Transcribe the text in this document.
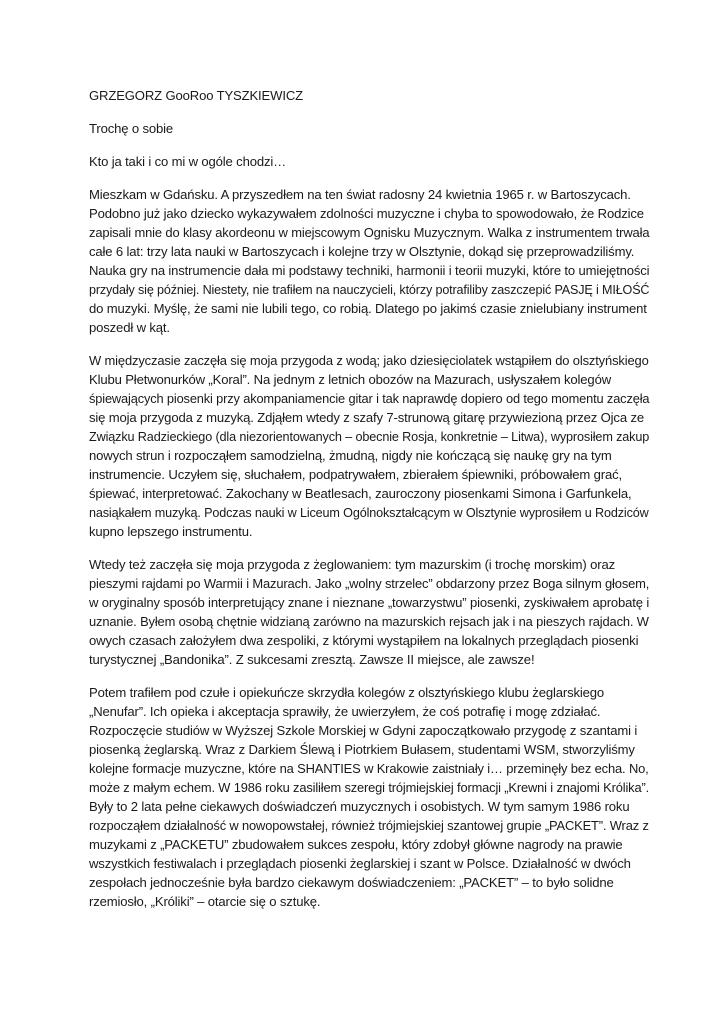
GRZEGORZ GooRoo TYSZKIEWICZ
Trochę o sobie
Kto ja taki i co mi w ogóle chodzi…
Mieszkam w Gdańsku. A przyszedłem na ten świat radosny 24 kwietnia 1965 r. w Bartoszycach.
Podobno już jako dziecko wykazywałem zdolności muzyczne i chyba to spowodowało, że Rodzice
zapisali mnie do klasy akordeonu w miejscowym Ognisku Muzycznym. Walka z instrumentem trwała
całe 6 lat: trzy lata nauki w Bartoszycach i kolejne trzy w Olsztynie, dokąd się przeprowadziliśmy.
Nauka gry na instrumencie dała mi podstawy techniki, harmonii i teorii muzyki, które to umiejętności
przydały się później. Niestety, nie trafiłem na nauczycieli, którzy potrafiliby zaszczepić PASJĘ i MIŁOŚĆ
do muzyki. Myślę, że sami nie lubili tego, co robią. Dlatego po jakimś czasie znielubiany instrument
poszedł w kąt.
W międzyczasie zaczęła się moja przygoda z wodą; jako dziesięciolatek wstąpiłem do olsztyńskiego
Klubu Płetwonurków „Koral”. Na jednym z letnich obozów na Mazurach, usłyszałem kolegów
śpiewających piosenki przy akompaniamencie gitar i tak naprawdę dopiero od tego momentu zaczęła
się moja przygoda z muzyką. Zdjąłem wtedy z szafy 7-strunową gitarę przywiezioną przez Ojca ze
Związku Radzieckiego (dla niezorientowanych – obecnie Rosja, konkretnie – Litwa), wyprosiłem zakup
nowych strun i rozpocząłem samodzielną, żmudną, nigdy nie kończącą się naukę gry na tym
instrumencie. Uczyłem się, słuchałem, podpatrywałem, zbierałem śpiewniki, próbowałem grać,
śpiewać, interpretować. Zakochany w Beatlesach, zauroczony piosenkami Simona i Garfunkela,
nasiąkałem muzyką. Podczas nauki w Liceum Ogólnokształcącym w Olsztynie wyprosiłem u Rodziców
kupno lepszego instrumentu.
Wtedy też zaczęła się moja przygoda z żeglowaniem: tym mazurskim (i trochę morskim) oraz
pieszymi rajdami po Warmii i Mazurach. Jako „wolny strzelec” obdarzony przez Boga silnym głosem,
w oryginalny sposób interpretujący znane i nieznane „towarzystwu” piosenki, zyskiwałem aprobatę i
uznanie. Byłem osobą chętnie widzianą zarówno na mazurskich rejsach jak i na pieszych rajdach. W
owych czasach założyłem dwa zespoliki, z którymi wystąpiłem na lokalnych przeglądach piosenki
turystycznej „Bandonika”. Z sukcesami zresztą. Zawsze II miejsce, ale zawsze!
Potem trafiłem pod czułe i opiekuńcze skrzydła kolegów z olsztyńskiego klubu żeglarskiego
„Nenufar”. Ich opieka i akceptacja sprawiły, że uwierzyłem, że coś potrafię i mogę zdziałać.
Rozpoczęcie studiów w Wyższej Szkole Morskiej w Gdyni zapoczątkowało przygodę z szantami i
piosenką żeglarską. Wraz z Darkiem Ślewą i Piotrkiem Bułasem, studentami WSM, stworzyliśmy
kolejne formacje muzyczne, które na SHANTIES w Krakowie zaistniały i… przeminęły bez echa. No,
może z małym echem. W 1986 roku zasiliłem szeregi trójmiejskiej formacji „Krewni i znajomi Królika”.
Były to 2 lata pełne ciekawych doświadczeń muzycznych i osobistych. W tym samym 1986 roku
rozpocząłem działalność w nowopowstałej, również trójmiejskiej szantowej grupie „PACKET”. Wraz z
muzykami z „PACKETU” zbudowałem sukces zespołu, który zdobył główne nagrody na prawie
wszystkich festiwalach i przeglądach piosenki żeglarskiej i szant w Polsce. Działalność w dwóch
zespołach jednocześnie była bardzo ciekawym doświadczeniem: „PACKET” – to było solidne
rzemiosło, „Króliki” – otarcie się o sztukę.
